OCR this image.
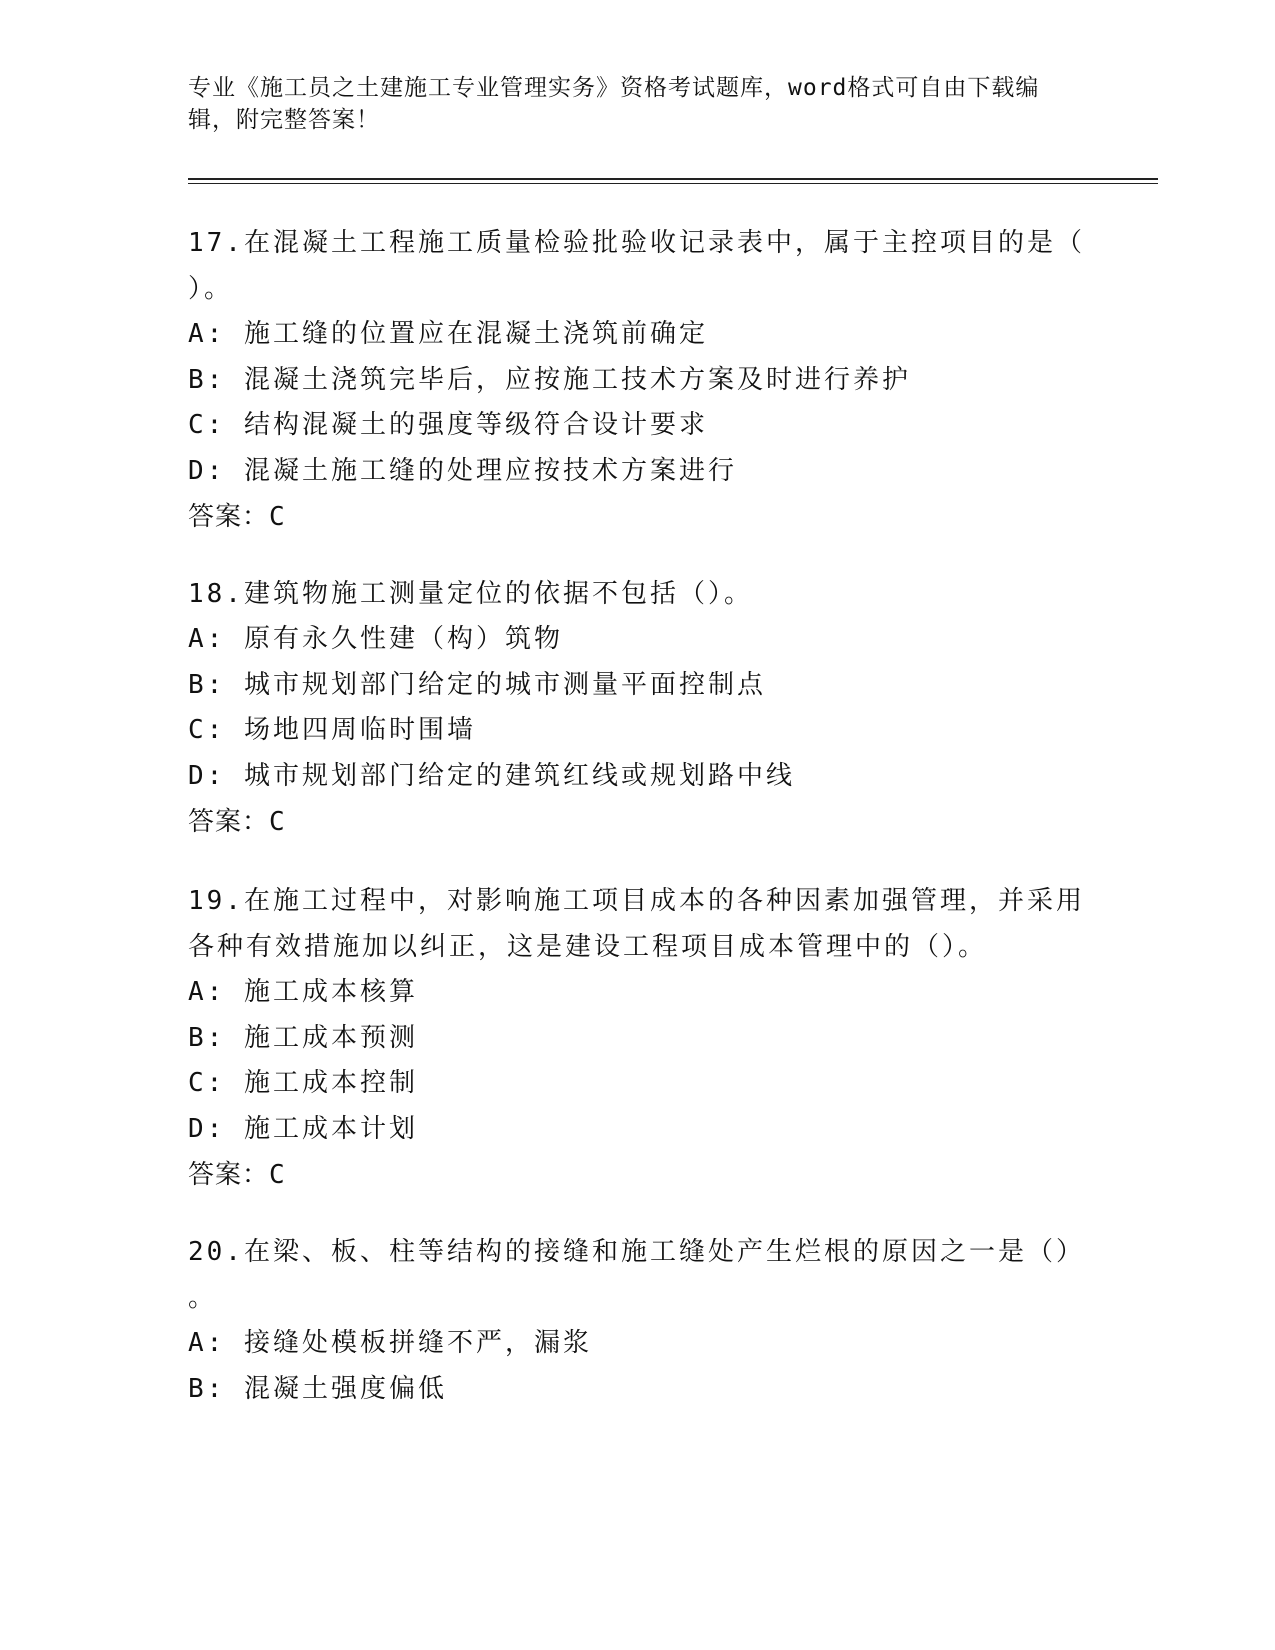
专业《施工员之土建施工专业管理实务》资格考试题库，word格式可自由下载编辑，附完整答案！

17.在混凝土工程施工质量检验批验收记录表中，属于主控项目的是（

）。

A: 施工缝的位置应在混凝土浇筑前确定

B: 混凝土浇筑完毕后，应按施工技术方案及时进行养护

C: 结构混凝土的强度等级符合设计要求

D: 混凝土施工缝的处理应按技术方案进行

答案：C

18.建筑物施工测量定位的依据不包括（）。

A: 原有永久性建（构）筑物

B: 城市规划部门给定的城市测量平面控制点

C: 场地四周临时围墙

D: 城市规划部门给定的建筑红线或规划路中线

答案：C

19.在施工过程中，对影响施工项目成本的各种因素加强管理，并采用

各种有效措施加以纠正，这是建设工程项目成本管理中的（）。

A: 施工成本核算

B: 施工成本预测

C: 施工成本控制

D: 施工成本计划

答案：C

20.在梁、板、柱等结构的接缝和施工缝处产生烂根的原因之一是（）

。

A: 接缝处模板拼缝不严，漏浆

B: 混凝土强度偏低
